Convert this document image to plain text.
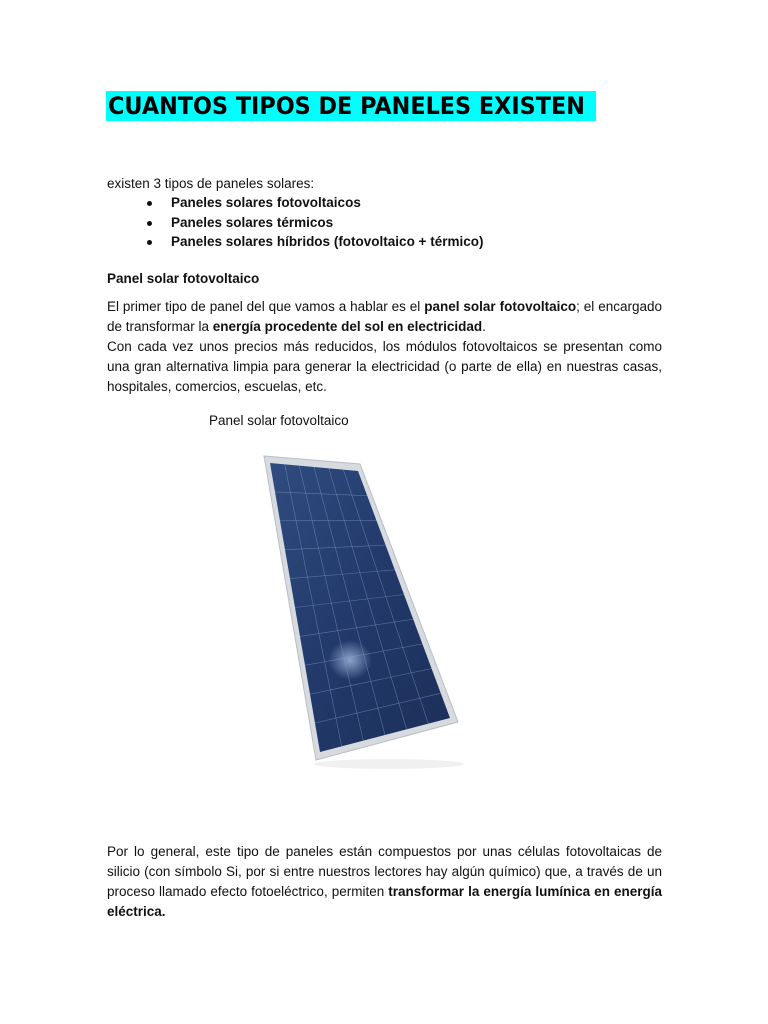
CUANTOS TIPOS DE PANELES EXISTEN
existen 3 tipos de paneles solares:
Paneles solares fotovoltaicos
Paneles solares térmicos
Paneles solares híbridos (fotovoltaico + térmico)
Panel solar fotovoltaico
El primer tipo de panel del que vamos a hablar es el panel solar fotovoltaico; el encargado de transformar la energía procedente del sol en electricidad.
Con cada vez unos precios más reducidos, los módulos fotovoltaicos se presentan como una gran alternativa limpia para generar la electricidad (o parte de ella) en nuestras casas, hospitales, comercios, escuelas, etc.
Panel solar fotovoltaico
Por lo general, este tipo de paneles están compuestos por unas células fotovoltaicas de silicio (con símbolo Si, por si entre nuestros lectores hay algún químico) que, a través de un proceso llamado efecto fotoeléctrico, permiten transformar la energía lumínica en energía eléctrica.
